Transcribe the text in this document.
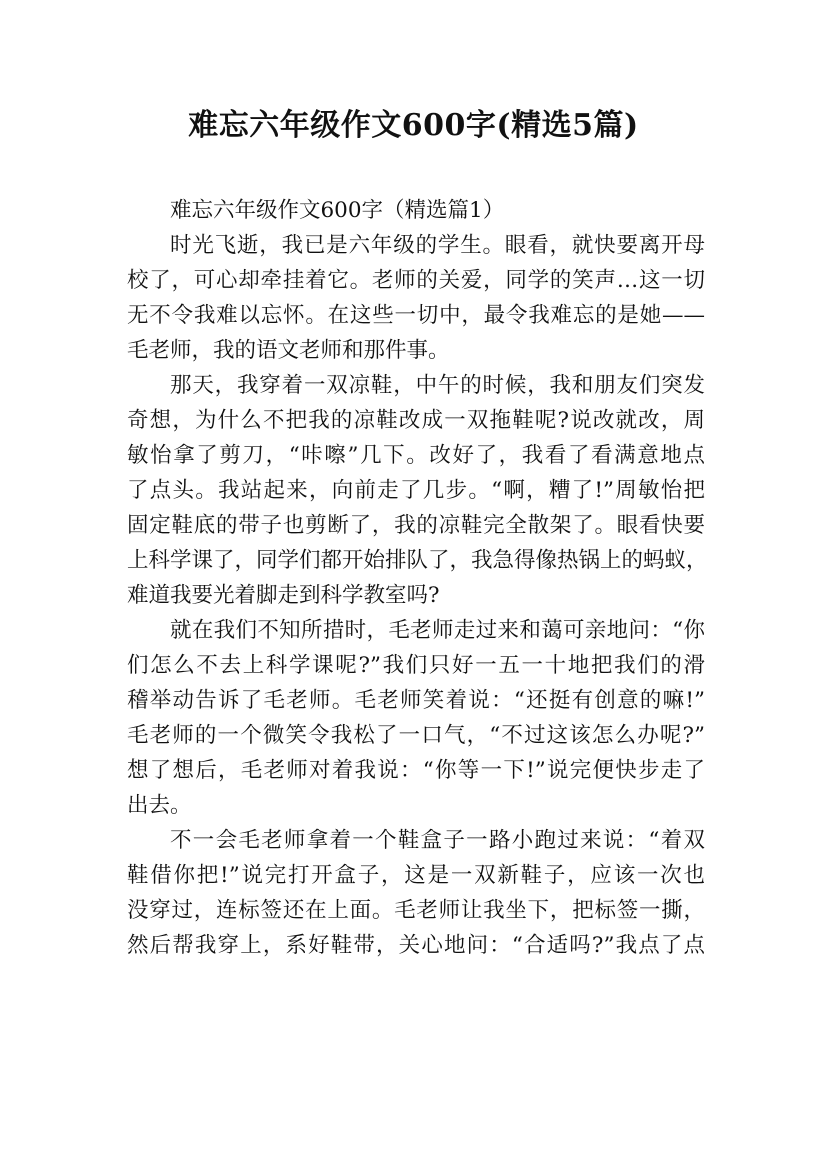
难忘六年级作文600字(精选5篇)
难忘六年级作文600字（精选篇1）
时光飞逝，我已是六年级的学生。眼看，就快要离开母
校了，可心却牵挂着它。老师的关爱，同学的笑声…这一切
无不令我难以忘怀。在这些一切中，最令我难忘的是她——
毛老师，我的语文老师和那件事。
那天，我穿着一双凉鞋，中午的时候，我和朋友们突发
奇想，为什么不把我的凉鞋改成一双拖鞋呢?说改就改，周
敏怡拿了剪刀，“咔嚓”几下。改好了，我看了看满意地点
了点头。我站起来，向前走了几步。“啊，糟了!”周敏怡把
固定鞋底的带子也剪断了，我的凉鞋完全散架了。眼看快要
上科学课了，同学们都开始排队了，我急得像热锅上的蚂蚁，
难道我要光着脚走到科学教室吗?
就在我们不知所措时，毛老师走过来和蔼可亲地问：“你
们怎么不去上科学课呢?”我们只好一五一十地把我们的滑
稽举动告诉了毛老师。毛老师笑着说：“还挺有创意的嘛!”
毛老师的一个微笑令我松了一口气，“不过这该怎么办呢?”
想了想后，毛老师对着我说：“你等一下!”说完便快步走了
出去。
不一会毛老师拿着一个鞋盒子一路小跑过来说：“着双
鞋借你把!”说完打开盒子，这是一双新鞋子，应该一次也
没穿过，连标签还在上面。毛老师让我坐下，把标签一撕，
然后帮我穿上，系好鞋带，关心地问：“合适吗?”我点了点
